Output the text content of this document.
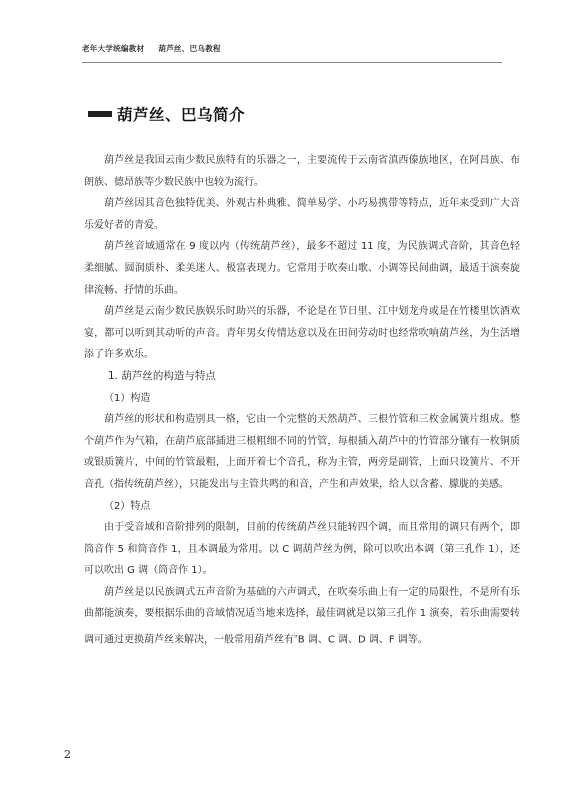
老年大学统编教材 葫芦丝、巴乌教程
葫芦丝、巴乌简介

葫芦丝是我国云南少数民族特有的乐器之一，主要流传于云南省滇西傣族地区，在阿昌族、布朗族、德昂族等少数民族中也较为流行。

葫芦丝因其音色独特优美、外观古朴典雅、简单易学、小巧易携带等特点，近年来受到广大音乐爱好者的青爱。

葫芦丝音域通常在 9 度以内（传统葫芦丝），最多不超过 11 度，为民族调式音阶，其音色轻柔细腻、圆润质朴、柔美迷人、极富表现力。它常用于吹奏山歌、小调等民间曲调，最适于演奏旋律流畅、抒情的乐曲。

葫芦丝是云南少数民族娱乐时助兴的乐器，不论是在节日里、江中划龙舟或是在竹楼里饮酒欢宴，都可以听到其动听的声音。青年男女传情达意以及在田间劳动时也经常吹响葫芦丝，为生活增添了许多欢乐。

1. 葫芦丝的构造与特点

（1）构造

葫芦丝的形状和构造别具一格，它由一个完整的天然葫芦、三根竹管和三枚金属簧片组成。整个葫芦作为气箱，在葫芦底部插进三根粗细不同的竹管，每根插入葫芦中的竹管部分镶有一枚铜质或银质簧片，中间的竹管最粗，上面开着七个音孔，称为主管，两旁是副管，上面只设簧片、不开音孔（指传统葫芦丝），只能发出与主管共鸣的和音，产生和声效果，给人以含蓄、朦胧的美感。

（2）特点

由于受音域和音阶排列的限制，目前的传统葫芦丝只能转四个调，而且常用的调只有两个，即筒音作 5 和筒音作 1，且本调最为常用。以 C 调葫芦丝为例，除可以吹出本调（第三孔作 1），还可以吹出 G 调（筒音作 1）。

葫芦丝是以民族调式五声音阶为基础的六声调式，在吹奏乐曲上有一定的局限性，不是所有乐曲都能演奏，要根据乐曲的音域情况适当地来选择，最佳调就是以第三孔作 1 演奏，若乐曲需要转调可通过更换葫芦丝来解决，一般常用葫芦丝有♭B 调、C 调、D 调、F 调等。

2
